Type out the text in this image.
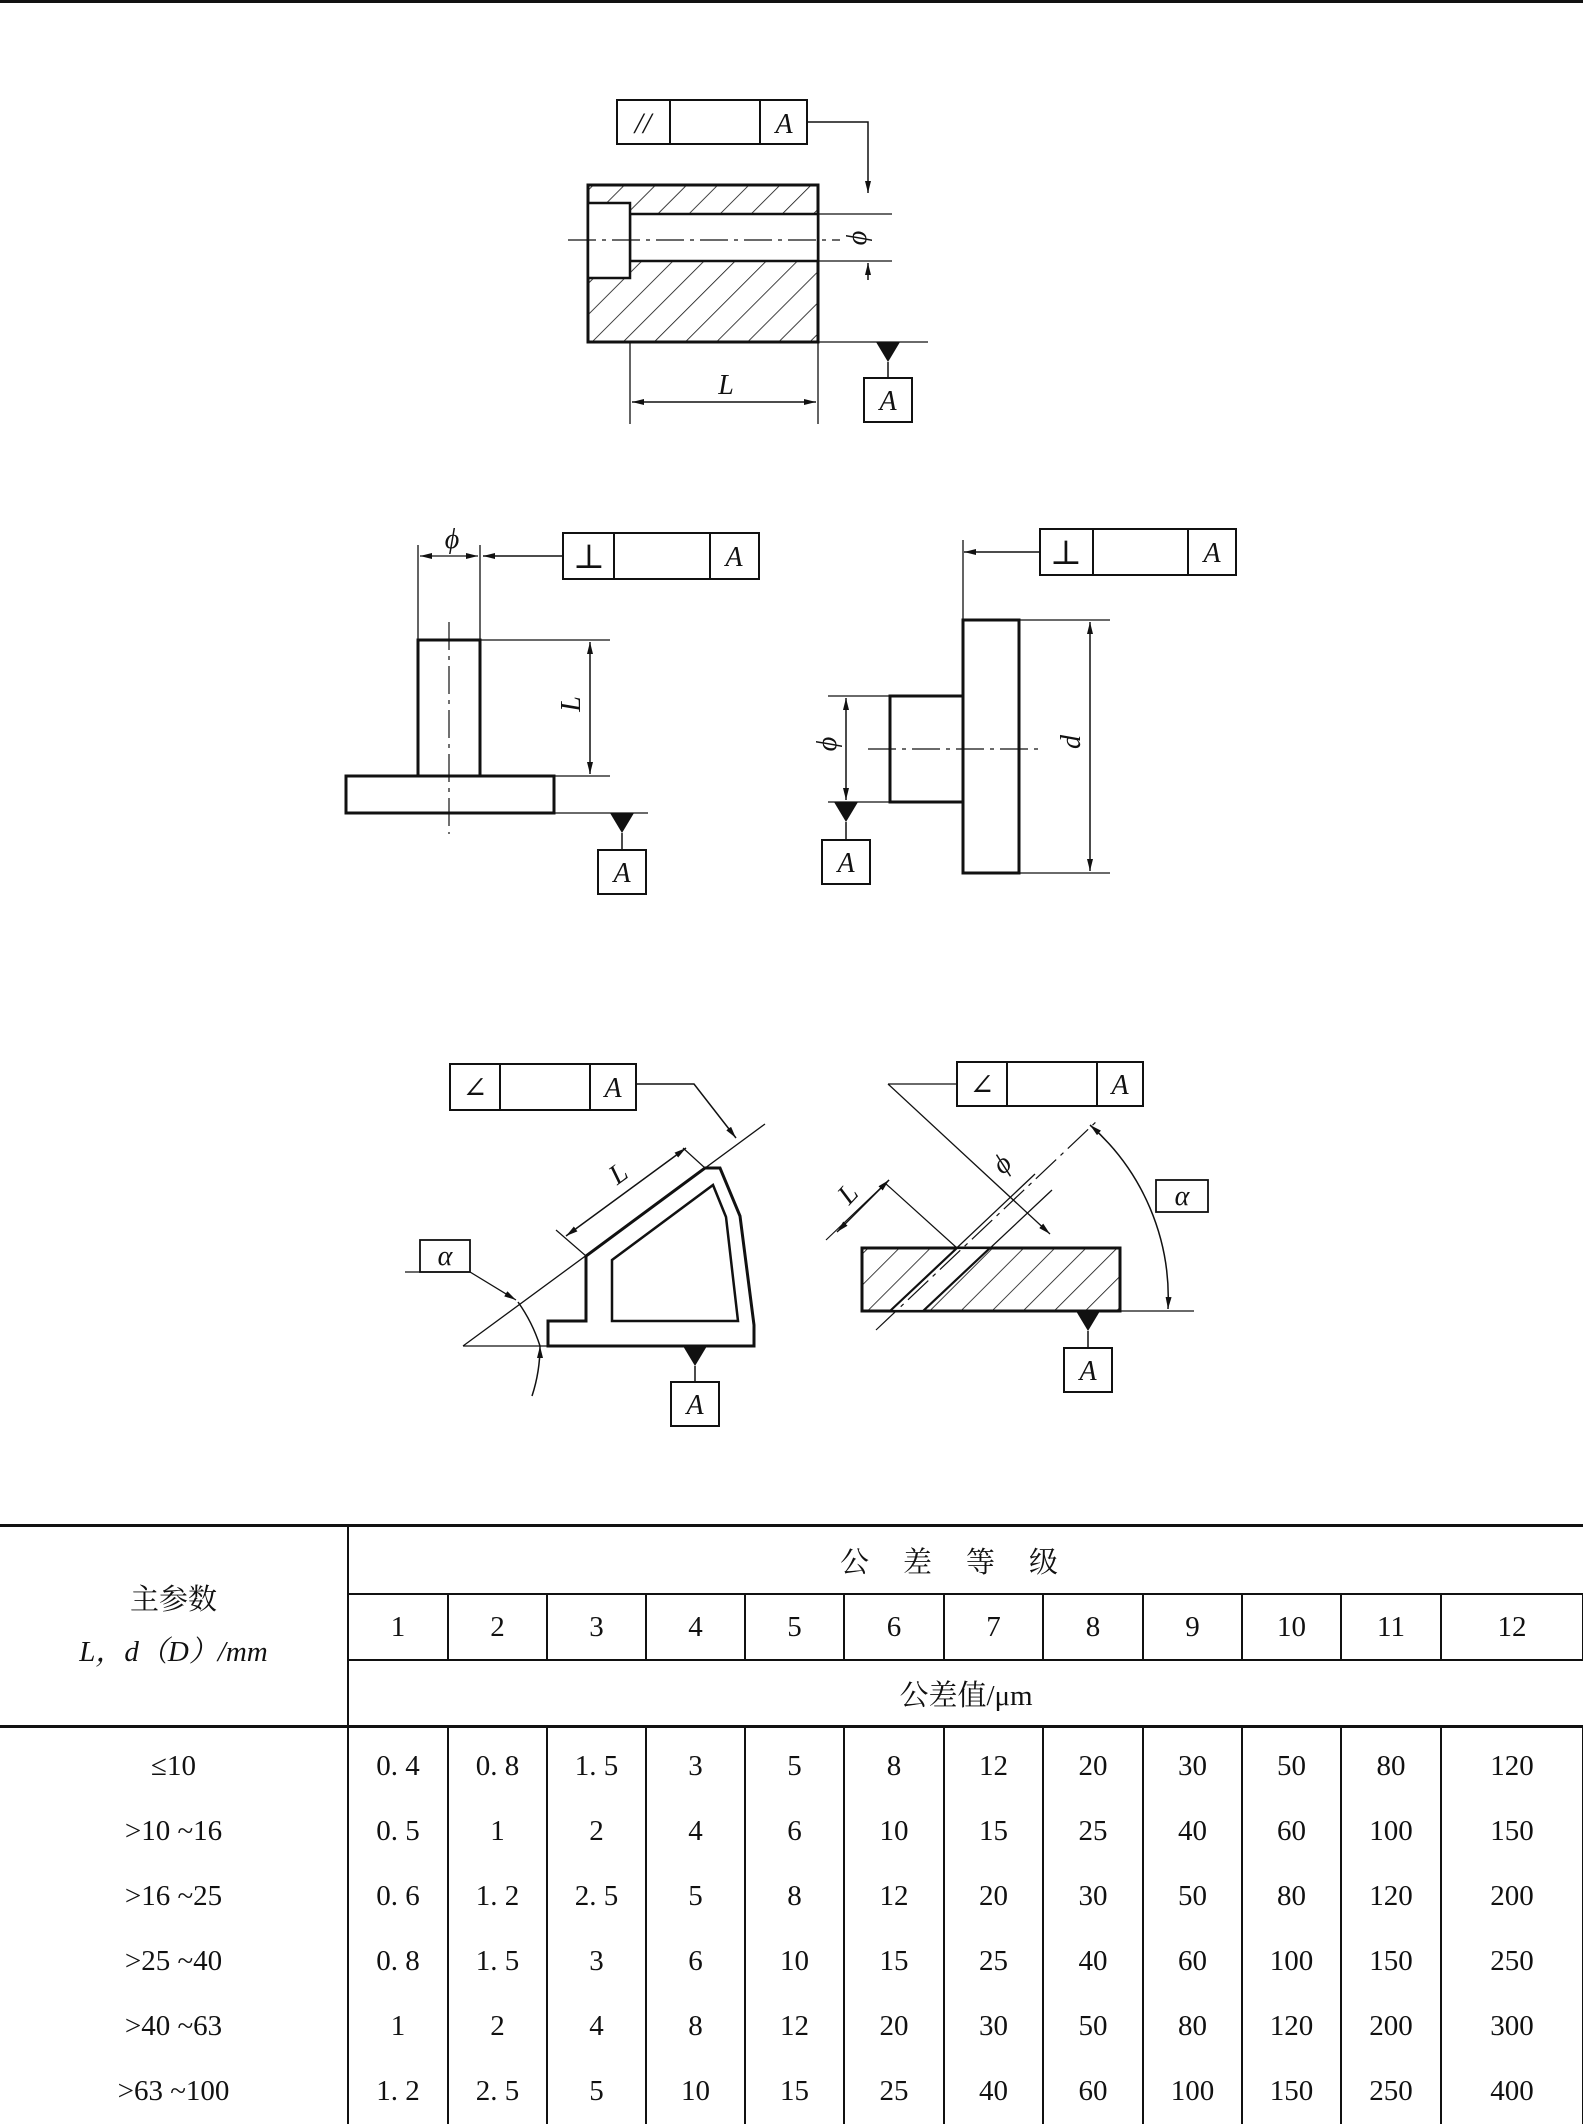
//	A
ϕ
A
L
⊥	A
ϕ
L
A
⊥	A
ϕ
A
d
∠	A
L
α
A
∠	A
ϕ
L	α
A
主参数
L，d（D）/mm	公差等级											
	1	2	3	4	5	6	7	8	9	10	11	12
	公差值/μm											
≤10	0. 4	0. 8	1. 5	3	5	8	12	20	30	50	80	120
>10 ~16	0. 5	1	2	4	6	10	15	25	40	60	100	150
>16 ~25	0. 6	1. 2	2. 5	5	8	12	20	30	50	80	120	200
>25 ~40	0. 8	1. 5	3	6	10	15	25	40	60	100	150	250
>40 ~63	1	2	4	8	12	20	30	50	80	120	200	300
>63 ~100	1. 2	2. 5	5	10	15	25	40	60	100	150	250	400
